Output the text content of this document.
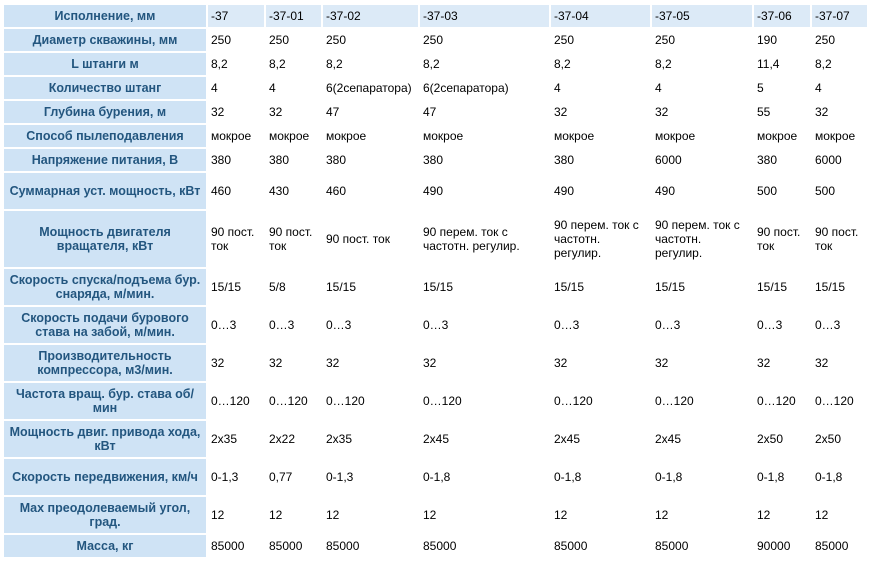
Исполнение, мм	-37	-37-01	-37-02	-37-03	-37-04	-37-05	-37-06	-37-07
Диаметр скважины, мм	250	250	250	250	250	250	190	250
L штанги м	8,2	8,2	8,2	8,2	8,2	8,2	11,4	8,2
Количество штанг	4	4	6(2сепаратора)	6(2сепаратора)	4	4	5	4
Глубина бурения, м	32	32	47	47	32	32	55	32
Способ пылеподавления	мокрое	мокрое	мокрое	мокрое	мокрое	мокрое	мокрое	мокрое
Напряжение питания, В	380	380	380	380	380	6000	380	6000
Суммарная уст. мощность, кВт	460	430	460	490	490	490	500	500
Мощность двигателя вращателя, кВт	90 пост. ток	90 пост. ток	90 пост. ток	90 перем. ток с частотн. регулир.	90 перем. ток с частотн. регулир.	90 перем. ток с частотн. регулир.	90 пост. ток	90 пост. ток
Скорость спуска/подъема бур. снаряда, м/мин.	15/15	5/8	15/15	15/15	15/15	15/15	15/15	15/15
Скорость подачи бурового става на забой, м/мин.	0…3	0…3	0…3	0…3	0…3	0…3	0…3	0…3
Производительность компрессора, м3/мин.	32	32	32	32	32	32	32	32
Частота вращ. бур. става об/мин	0…120	0…120	0…120	0…120	0…120	0…120	0…120	0…120
Мощность двиг. привода хода, кВт	2х35	2х22	2х35	2х45	2х45	2х45	2х50	2х50
Скорость передвижения, км/ч	0-1,3	0,77	0-1,3	0-1,8	0-1,8	0-1,8	0-1,8	0-1,8
Max преодолеваемый угол, град.	12	12	12	12	12	12	12	12
Масса, кг	85000	85000	85000	85000	85000	85000	90000	85000
